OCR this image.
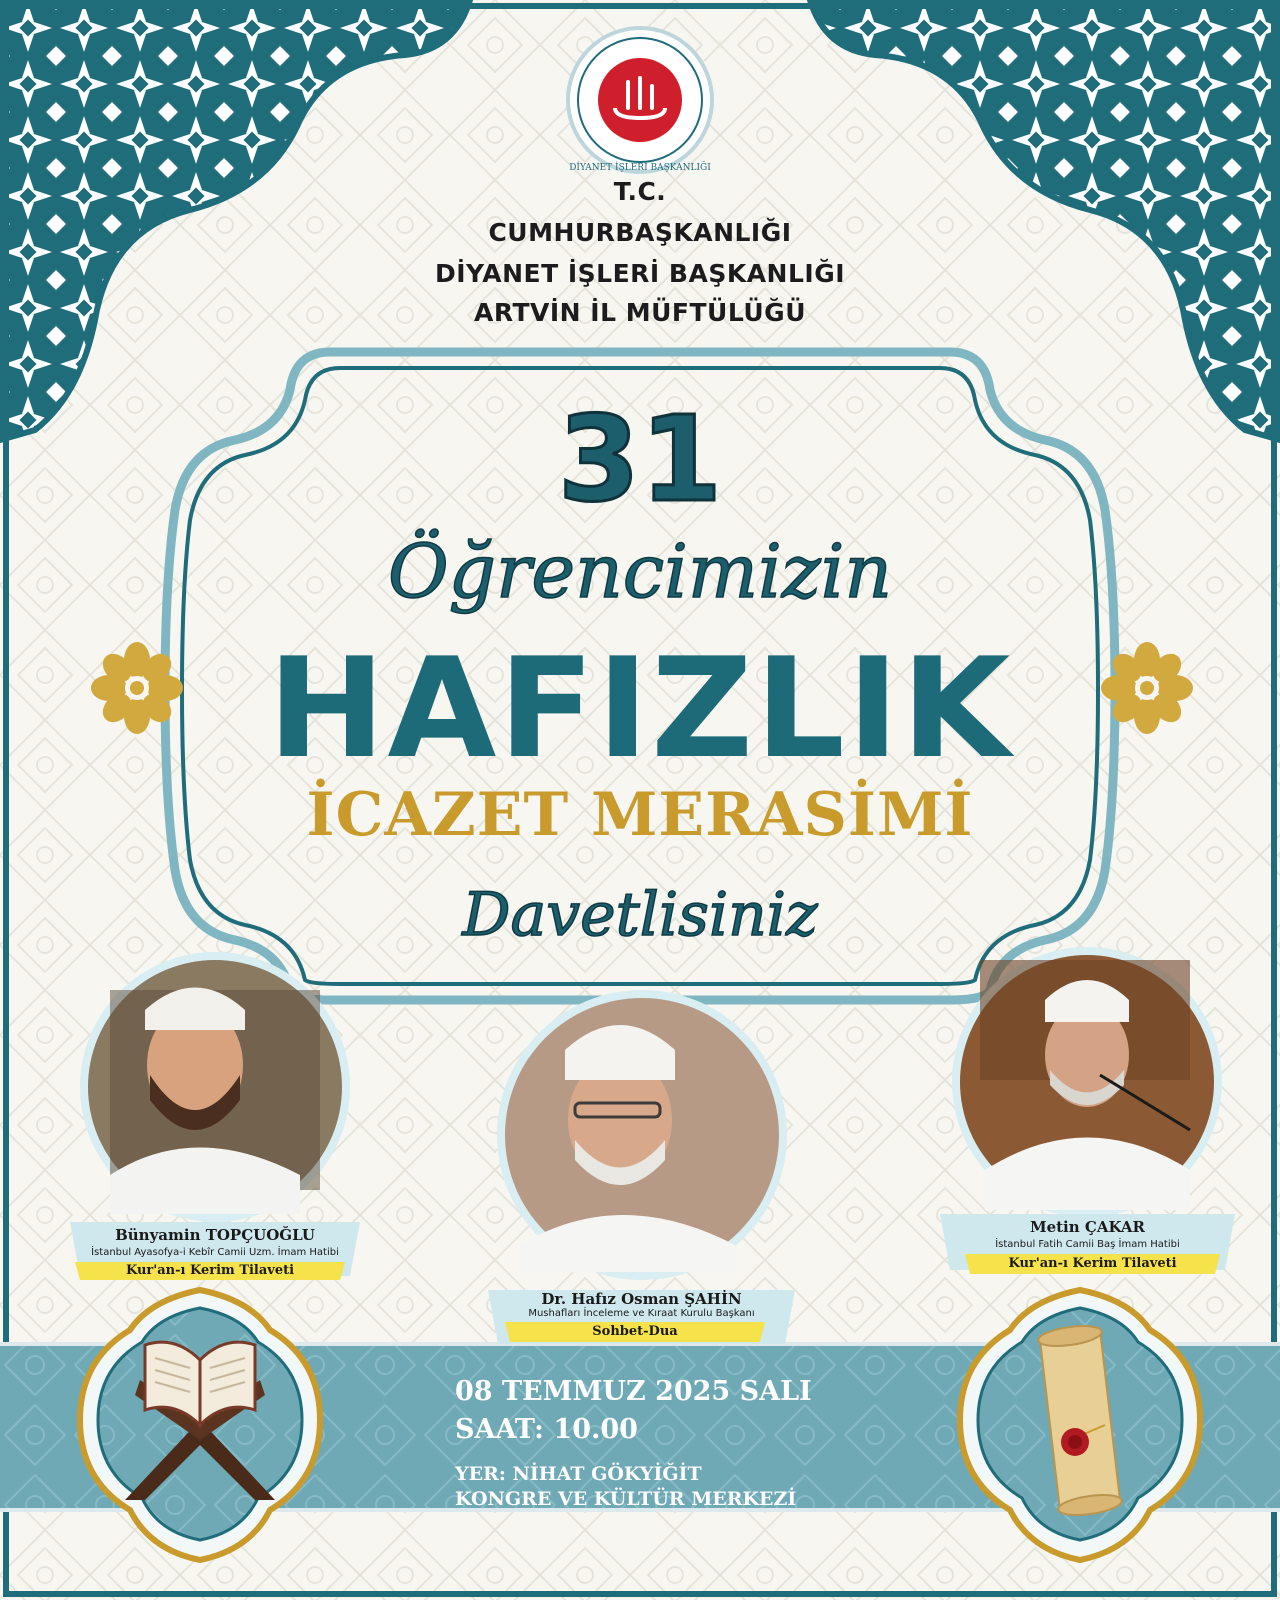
DİYANET İŞLERİ BAŞKANLIĞI
T.C.
CUMHURBAŞKANLIĞI
DİYANET İŞLERİ BAŞKANLIĞI
ARTVİN İL MÜFTÜLÜĞÜ
31
Öğrencimizin
HAFIZLIK
İCAZET MERASİMİ
Davetlisiniz
Bünyamin TOPÇUOĞLU
İstanbul Ayasofya-i Kebîr Camii Uzm. İmam Hatibi
Kur'an-ı Kerim Tilaveti
Dr. Hafız Osman ŞAHİN
Mushafları İnceleme ve Kıraat Kurulu Başkanı
Sohbet-Dua
Metin ÇAKAR
İstanbul Fatih Camii Baş İmam Hatibi
Kur'an-ı Kerim Tilaveti
08 TEMMUZ 2025 SALI
SAAT: 10.00
YER: NİHAT GÖKYİĞİT
KONGRE VE KÜLTÜR MERKEZİ
